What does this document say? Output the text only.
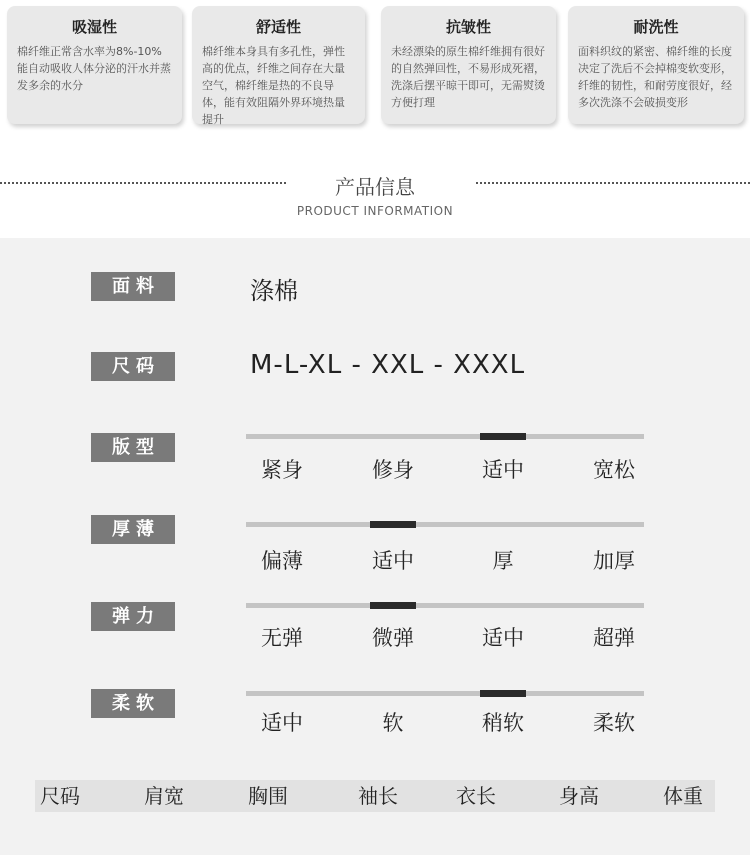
吸湿性
棉纤维正常含水率为8%-10%能自动吸收人体分泌的汗水并蒸发多余的水分
舒适性
棉纤维本身具有多孔性，弹性高的优点，纤维之间存在大量空气，棉纤维是热的不良导体，能有效阻隔外界环境热量提升
抗皱性
未经漂染的原生棉纤维拥有很好的自然弹回性，不易形成死褶，洗涤后摆平晾干即可，无需熨烫方便打理
耐洗性
面料织纹的紧密、棉纤维的长度决定了洗后不会掉棉变软变形，纤维的韧性，和耐劳度很好，经多次洗涤不会破损变形
产品信息
PRODUCT INFORMATION
面料	涤棉
尺码	M-L-XL - XXL - XXXL
版型
紧身	修身	适中	宽松
厚薄
偏薄	适中	厚	加厚
弹力
无弹	微弹	适中	超弹
柔软
适中	软	稍软	柔软
尺码	肩宽	胸围	袖长	衣长	身高	体重
